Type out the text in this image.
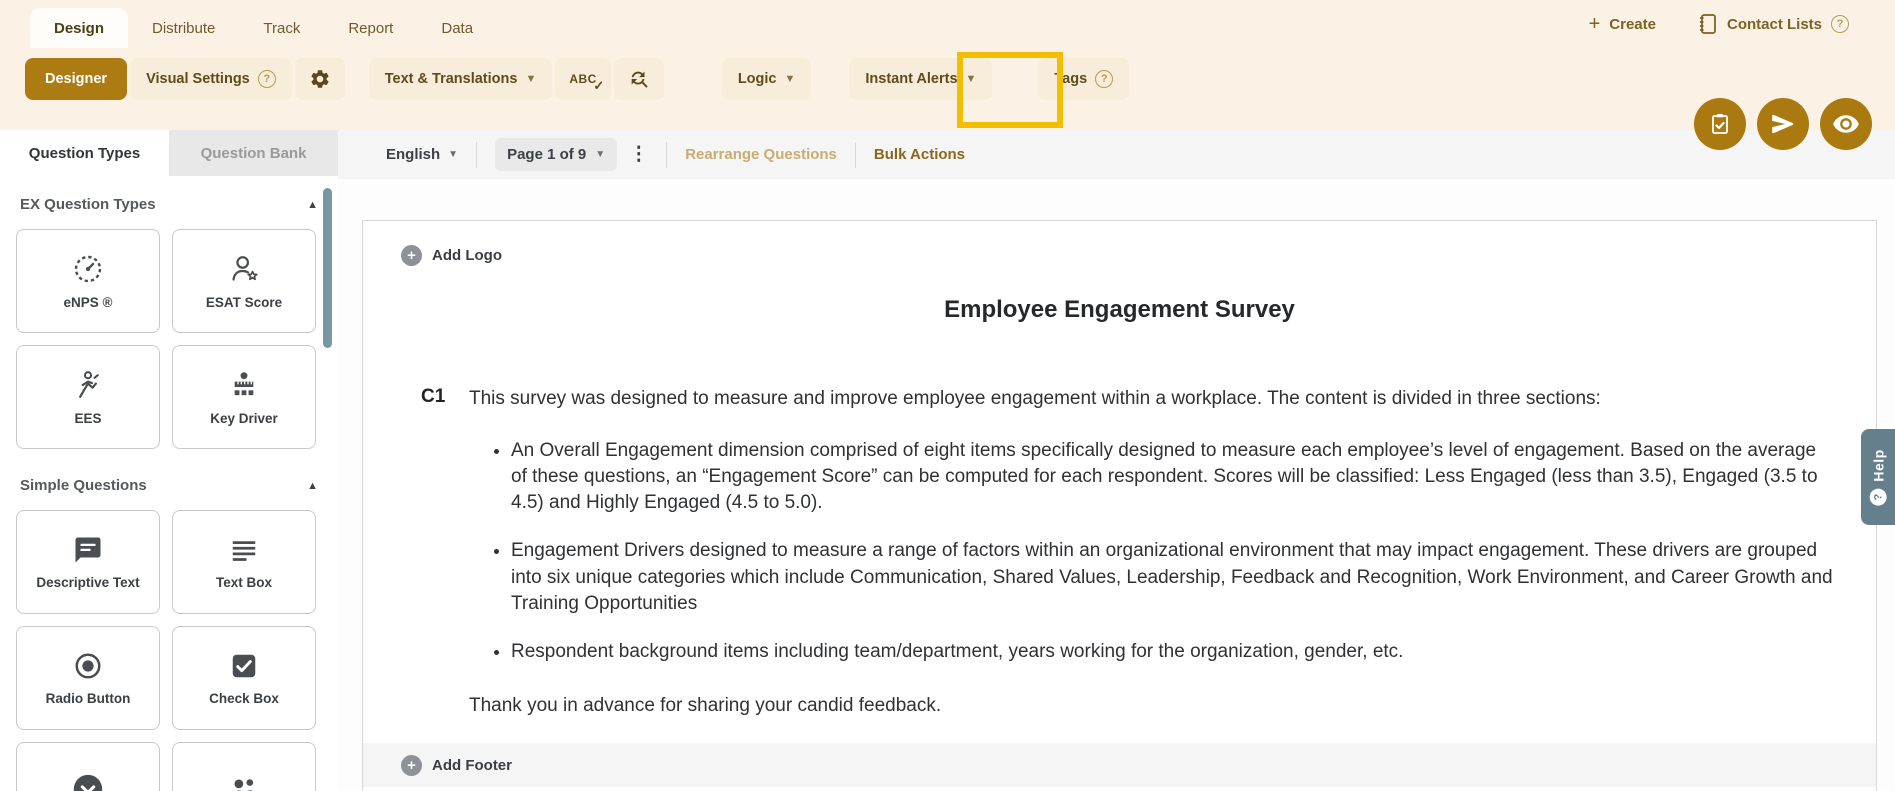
Design	Distribute	Track	Report	Data	+ Create	Contact Lists	?
Designer	Visual Settings	?	Text & Translations ▼	ABC
✓	Logic ▼	Instant Alerts ▼	Tags	?
Question Types	Question Bank
EX Question Types	▲
eNPS ®	ESAT Score
EES	Key Driver
Simple Questions	▲
Descriptive Text	Text Box
Radio Button	Check Box
English ▼	Page 1 of 9 ▼ ⋮ Rearrange Questions Bulk Actions
+	Add Logo
Employee Engagement Survey
C1	This survey was designed to measure and improve employee engagement within a workplace. The content is divided in three sections:
• An Overall Engagement dimension comprised of eight items specifically designed to measure each employee’s level of engagement. Based on the average of these questions, an “Engagement Score” can be computed for each respondent. Scores will be classified: Less Engaged (less than 3.5), Engaged (3.5 to 4.5) and Highly Engaged (4.5 to 5.0).
• Engagement Drivers designed to measure a range of factors within an organizational environment that may impact engagement. These drivers are grouped into six unique categories which include Communication, Shared Values, Leadership, Feedback and Recognition, Work Environment, and Career Growth and Training Opportunities
• Respondent background items including team/department, years working for the organization, gender, etc.
Thank you in advance for sharing your candid feedback.
+	Add Footer
?
Help
